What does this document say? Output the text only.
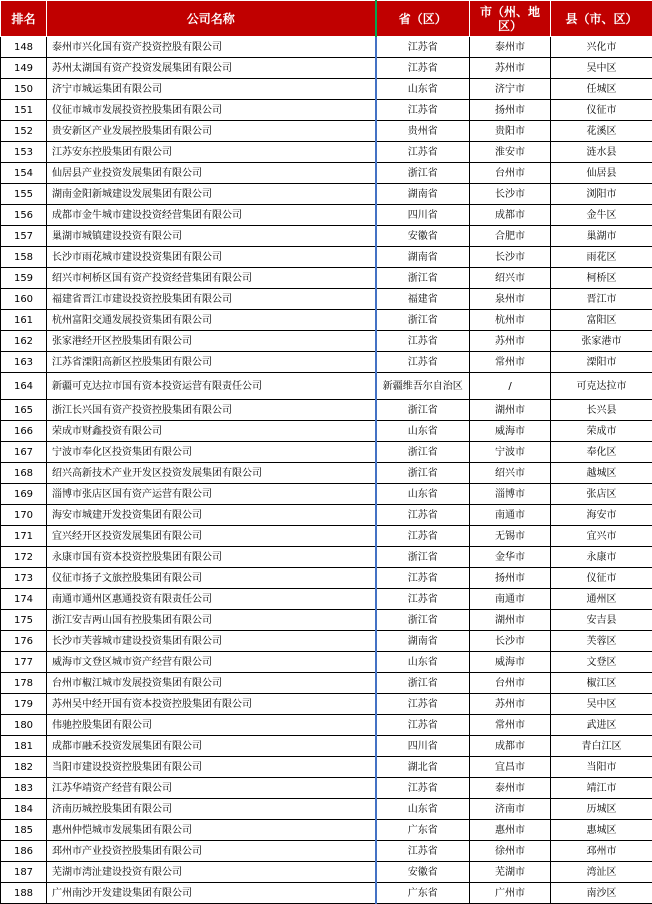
排名	公司名称	省（区）	市（州、地区）	县（市、区）
148	泰州市兴化国有资产投资控股有限公司	江苏省	泰州市	兴化市
149	苏州太湖国有资产投资发展集团有限公司	江苏省	苏州市	吴中区
150	济宁市城运集团有限公司	山东省	济宁市	任城区
151	仪征市城市发展投资控股集团有限公司	江苏省	扬州市	仪征市
152	贵安新区产业发展控股集团有限公司	贵州省	贵阳市	花溪区
153	江苏安东控股集团有限公司	江苏省	淮安市	涟水县
154	仙居县产业投资发展集团有限公司	浙江省	台州市	仙居县
155	湖南金阳新城建设发展集团有限公司	湖南省	长沙市	浏阳市
156	成都市金牛城市建设投资经营集团有限公司	四川省	成都市	金牛区
157	巢湖市城镇建设投资有限公司	安徽省	合肥市	巢湖市
158	长沙市雨花城市建设投资集团有限公司	湖南省	长沙市	雨花区
159	绍兴市柯桥区国有资产投资经营集团有限公司	浙江省	绍兴市	柯桥区
160	福建省晋江市建设投资控股集团有限公司	福建省	泉州市	晋江市
161	杭州富阳交通发展投资集团有限公司	浙江省	杭州市	富阳区
162	张家港经开区控股集团有限公司	江苏省	苏州市	张家港市
163	江苏省溧阳高新区控股集团有限公司	江苏省	常州市	溧阳市
164	新疆可克达拉市国有资本投资运营有限责任公司	新疆维吾尔自治区	/	可克达拉市
165	浙江长兴国有资产投资控股集团有限公司	浙江省	湖州市	长兴县
166	荣成市财鑫投资有限公司	山东省	威海市	荣成市
167	宁波市奉化区投资集团有限公司	浙江省	宁波市	奉化区
168	绍兴高新技术产业开发区投资发展集团有限公司	浙江省	绍兴市	越城区
169	淄博市张店区国有资产运营有限公司	山东省	淄博市	张店区
170	海安市城建开发投资集团有限公司	江苏省	南通市	海安市
171	宜兴经开区投资发展集团有限公司	江苏省	无锡市	宜兴市
172	永康市国有资本投资控股集团有限公司	浙江省	金华市	永康市
173	仪征市扬子文旅控股集团有限公司	江苏省	扬州市	仪征市
174	南通市通州区惠通投资有限责任公司	江苏省	南通市	通州区
175	浙江安吉两山国有控股集团有限公司	浙江省	湖州市	安吉县
176	长沙市芙蓉城市建设投资集团有限公司	湖南省	长沙市	芙蓉区
177	威海市文登区城市资产经营有限公司	山东省	威海市	文登区
178	台州市椒江城市发展投资集团有限公司	浙江省	台州市	椒江区
179	苏州吴中经开国有资本投资控股集团有限公司	江苏省	苏州市	吴中区
180	伟驰控股集团有限公司	江苏省	常州市	武进区
181	成都市融禾投资发展集团有限公司	四川省	成都市	青白江区
182	当阳市建设投资控股集团有限公司	湖北省	宜昌市	当阳市
183	江苏华靖资产经营有限公司	江苏省	泰州市	靖江市
184	济南历城控股集团有限公司	山东省	济南市	历城区
185	惠州仲恺城市发展集团有限公司	广东省	惠州市	惠城区
186	邳州市产业投资控股集团有限公司	江苏省	徐州市	邳州市
187	芜湖市湾沚建设投资有限公司	安徽省	芜湖市	湾沚区
188	广州南沙开发建设集团有限公司	广东省	广州市	南沙区
